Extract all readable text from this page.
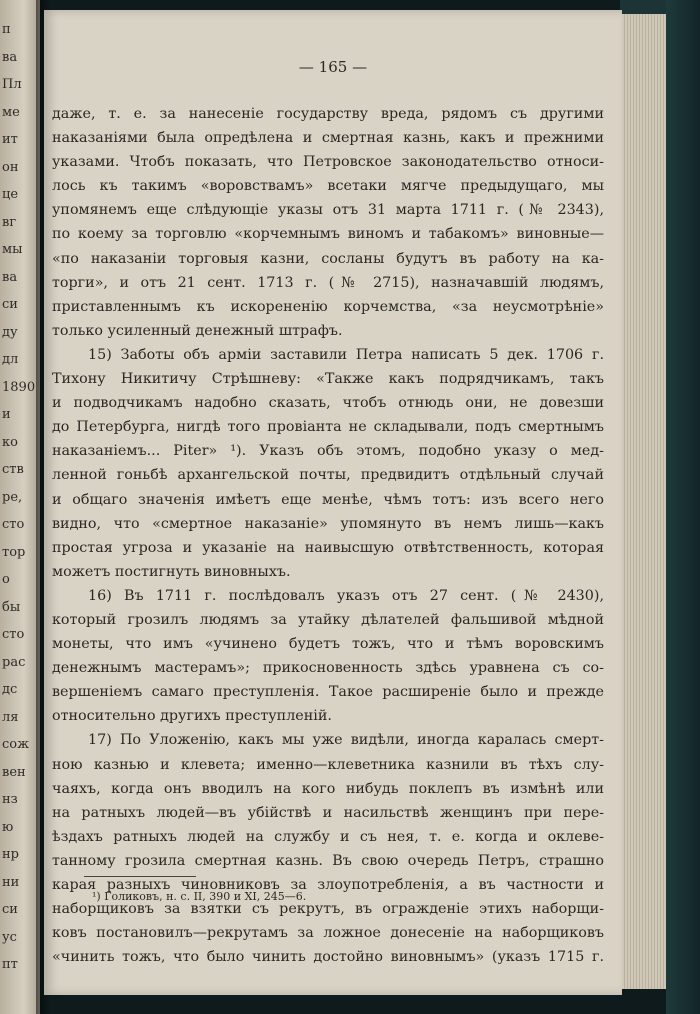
п
ва
Пл
ме
ит
он
це
вг
мы
ва
си
ду
дл
1890
и
ко
ств
ре,
сто
тор
о
бы
сто
рас
дс
ля
сож
вен
нз
ю
нр
ни
си
ус
пт
— 165 —
даже, т. е. за нанесеніе государству вреда, рядомъ съ другими
наказаніями была опредѣлена и смертная казнь, какъ и прежними
указами. Чтобъ показать, что Петровское законодательство относи-
лось къ такимъ «воровствамъ» всетаки мягче предыдущаго, мы
упомянемъ еще слѣдующіе указы отъ 31 марта 1711 г. (№ 2343),
по коему за торговлю «корчемнымъ виномъ и табакомъ» виновные—
«по наказаніи торговыя казни, сосланы будутъ въ работу на ка-
торги», и отъ 21 сент. 1713 г. (№ 2715), назначавшій людямъ,
приставленнымъ къ искорененію корчемства, «за неусмотрѣніе»
только усиленный денежный штрафъ.
15) Заботы объ арміи заставили Петра написать 5 дек. 1706 г.
Тихону Никитичу Стрѣшневу: «Также какъ подрядчикамъ, такъ
и подводчикамъ надобно сказать, чтобъ отнюдь они, не довезши
до Петербурга, нигдѣ того провіанта не складывали, подъ смертнымъ
наказаніемъ... Piter» ¹). Указъ объ этомъ, подобно указу о мед-
ленной гоньбѣ архангельской почты, предвидитъ отдѣльный случай
и общаго значенія имѣетъ еще менѣе, чѣмъ тотъ: изъ всего него
видно, что «смертное наказаніе» упомянуто въ немъ лишь—какъ
простая угроза и указаніе на наивысшую отвѣтственность, которая
можетъ постигнуть виновныхъ.
16) Въ 1711 г. послѣдовалъ указъ отъ 27 сент. (№ 2430),
который грозилъ людямъ за утайку дѣлателей фальшивой мѣдной
монеты, что имъ «учинено будетъ тожъ, что и тѣмъ воровскимъ
денежнымъ мастерамъ»; прикосновенность здѣсь уравнена съ со-
вершеніемъ самаго преступленія. Такое расширеніе было и прежде
относительно другихъ преступленій.
17) По Уложенію, какъ мы уже видѣли, иногда каралась смерт-
ною казнью и клевета; именно—клеветника казнили въ тѣхъ слу-
чаяхъ, когда онъ вводилъ на кого нибудь поклепъ въ измѣнѣ или
на ратныхъ людей—въ убійствѣ и насильствѣ женщинъ при пере-
ѣздахъ ратныхъ людей на службу и съ нея, т. е. когда и оклеве-
танному грозила смертная казнь. Въ свою очередь Петръ, страшно
карая разныхъ чиновниковъ за злоупотребленія, а въ частности и
наборщиковъ за взятки съ рекрутъ, въ огражденіе этихъ наборщи-
ковъ постановилъ—рекрутамъ за ложное донесеніе на наборщиковъ
«чинить тожъ, что было чинить достойно виновнымъ» (указъ 1715 г.
¹) Голиковъ, н. с. II, 390 и XI, 245—6.
